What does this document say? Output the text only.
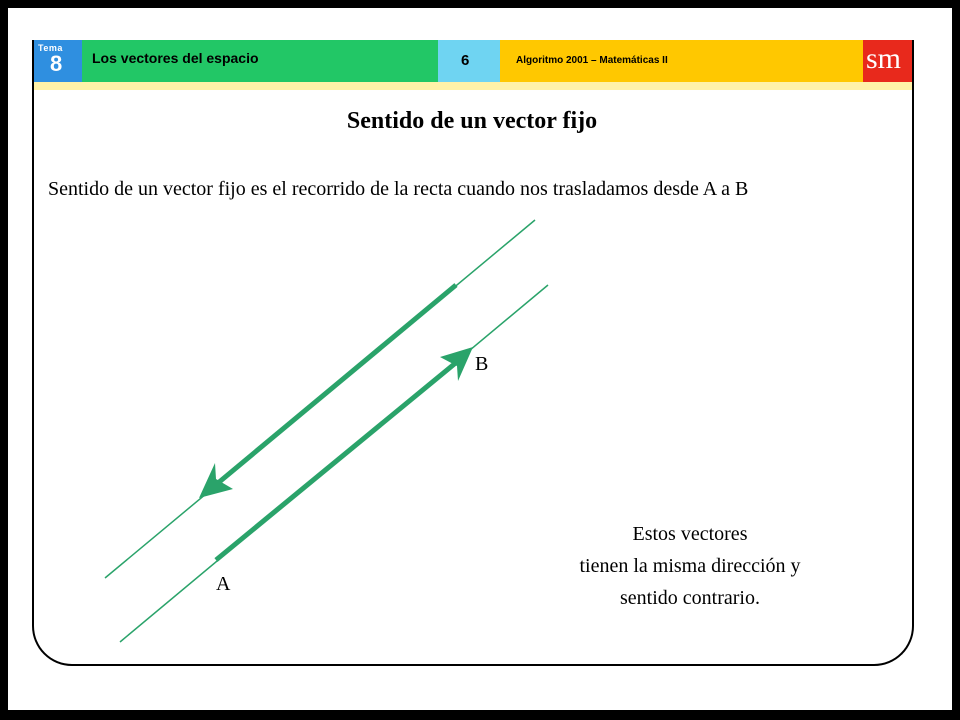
Tema
8 Los vectores del espacio	6	Algoritmo 2001 – Matemáticas II	sm
Sentido de un vector fijo
Sentido de un vector fijo es el recorrido de la recta cuando nos trasladamos desde A a B
A
B
Estos vectores
tienen la misma dirección y
sentido contrario.
